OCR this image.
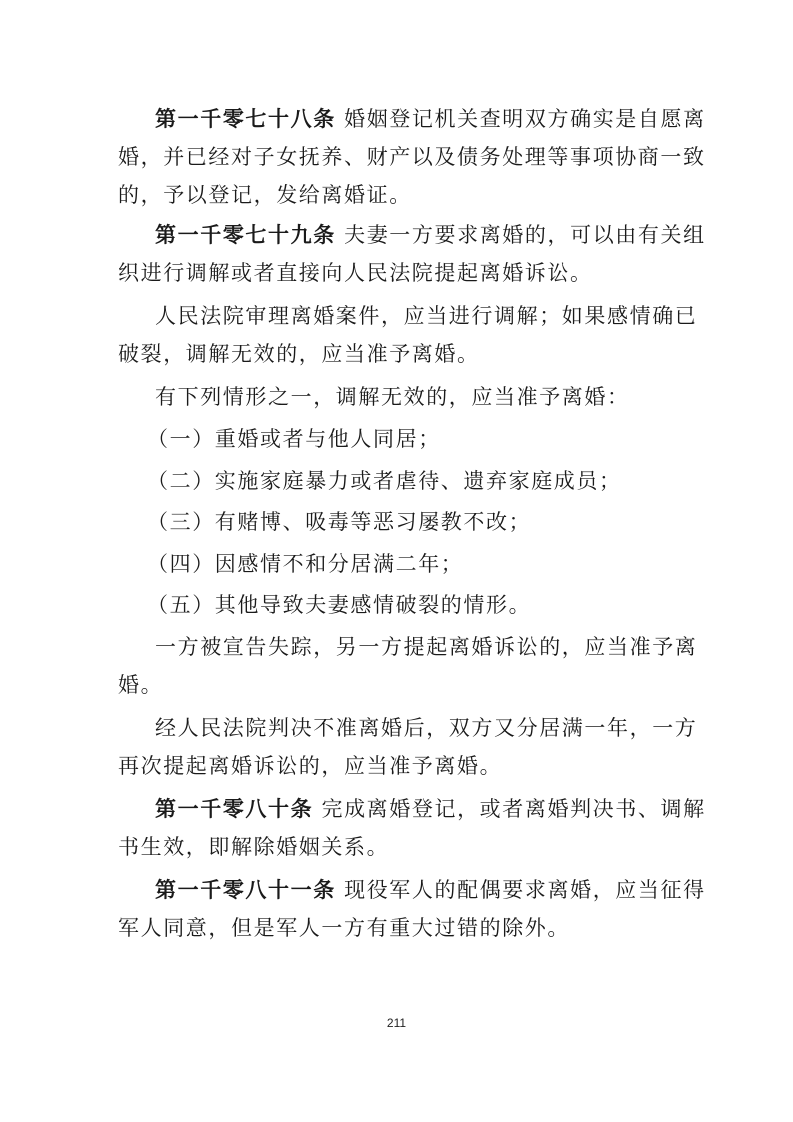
第一千零七十八条 婚姻登记机关查明双方确实是自愿离
婚，并已经对子女抚养、财产以及债务处理等事项协商一致
的，予以登记，发给离婚证。
第一千零七十九条 夫妻一方要求离婚的，可以由有关组
织进行调解或者直接向人民法院提起离婚诉讼。
人民法院审理离婚案件，应当进行调解；如果感情确已
破裂，调解无效的，应当准予离婚。
有下列情形之一，调解无效的，应当准予离婚：
（一）重婚或者与他人同居；
（二）实施家庭暴力或者虐待、遗弃家庭成员；
（三）有赌博、吸毒等恶习屡教不改；
（四）因感情不和分居满二年；
（五）其他导致夫妻感情破裂的情形。
一方被宣告失踪，另一方提起离婚诉讼的，应当准予离
婚。
经人民法院判决不准离婚后，双方又分居满一年，一方
再次提起离婚诉讼的，应当准予离婚。
第一千零八十条 完成离婚登记，或者离婚判决书、调解
书生效，即解除婚姻关系。
第一千零八十一条 现役军人的配偶要求离婚，应当征得
军人同意，但是军人一方有重大过错的除外。
211
